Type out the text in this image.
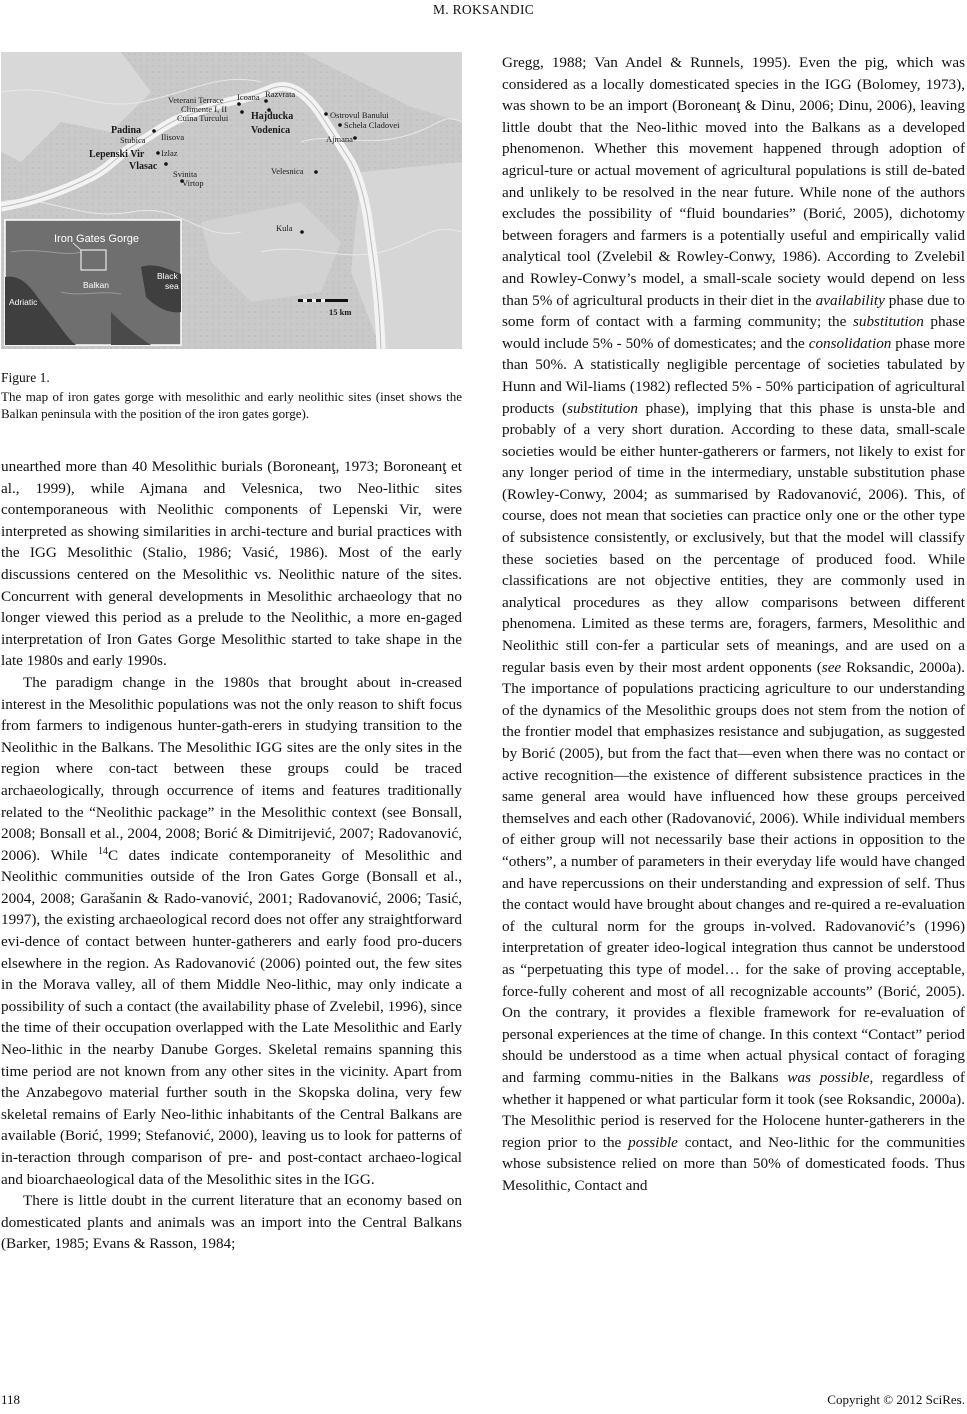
M. ROKSANDIC
Veterani Terrace Icoana Razvrata
Climente I, II
Cuina Turcului Hajducka
Vodenica
Ostrovul Banului
Schela Cladovei
Ajmana
Padina
Stubica Ilisova
Lepenski Vir Izlaz
Vlasac
Svinita
Virtop
Velesnica
Kula
15 km
Iron Gates Gorge
Adriatic
Balkan
Black
sea
Figure 1.
The map of iron gates gorge with mesolithic and early neolithic sites (inset shows the Balkan peninsula with the position of the iron gates gorge).

unearthed more than 40 Mesolithic burials (Boroneanţ, 1973; Boroneanţ et al., 1999), while Ajmana and Velesnica, two Neo-lithic sites contemporaneous with Neolithic components of Lepenski Vir, were interpreted as showing similarities in archi-tecture and burial practices with the IGG Mesolithic (Stalio, 1986; Vasić, 1986). Most of the early discussions centered on the Mesolithic vs. Neolithic nature of the sites. Concurrent with general developments in Mesolithic archaeology that no longer viewed this period as a prelude to the Neolithic, a more en-gaged interpretation of Iron Gates Gorge Mesolithic started to take shape in the late 1980s and early 1990s.

The paradigm change in the 1980s that brought about in-creased interest in the Mesolithic populations was not the only reason to shift focus from farmers to indigenous hunter-gath-erers in studying transition to the Neolithic in the Balkans. The Mesolithic IGG sites are the only sites in the region where con-tact between these groups could be traced archaeologically, through occurrence of items and features traditionally related to the “Neolithic package” in the Mesolithic context (see Bonsall, 2008; Bonsall et al., 2004, 2008; Borić & Dimitrijević, 2007; Radovanović, 2006). While $^{14}$C dates indicate contemporaneity of Mesolithic and Neolithic communities outside of the Iron Gates Gorge (Bonsall et al., 2004, 2008; Garašanin & Rado-vanović, 2001; Radovanović, 2006; Tasić, 1997), the existing archaeological record does not offer any straightforward evi-dence of contact between hunter-gatherers and early food pro-ducers elsewhere in the region. As Radovanović (2006) pointed out, the few sites in the Morava valley, all of them Middle Neo-lithic, may only indicate a possibility of such a contact (the availability phase of Zvelebil, 1996), since the time of their occupation overlapped with the Late Mesolithic and Early Neo-lithic in the nearby Danube Gorges. Skeletal remains spanning this time period are not known from any other sites in the vicinity. Apart from the Anzabegovo material further south in the Skopska dolina, very few skeletal remains of Early Neo-lithic inhabitants of the Central Balkans are available (Borić, 1999; Stefanović, 2000), leaving us to look for patterns of in-teraction through comparison of pre- and post-contact archaeo-logical and bioarchaeological data of the Mesolithic sites in the IGG.

There is little doubt in the current literature that an economy based on domesticated plants and animals was an import into the Central Balkans (Barker, 1985; Evans & Rasson, 1984;

Gregg, 1988; Van Andel & Runnels, 1995). Even the pig, which was considered as a locally domesticated species in the IGG (Bolomey, 1973), was shown to be an import (Boroneanţ & Dinu, 2006; Dinu, 2006), leaving little doubt that the Neo-lithic moved into the Balkans as a developed phenomenon. Whether this movement happened through adoption of agricul-ture or actual movement of agricultural populations is still de-bated and unlikely to be resolved in the near future. While none of the authors excludes the possibility of “fluid boundaries” (Borić, 2005), dichotomy between foragers and farmers is a potentially useful and empirically valid analytical tool (Zvelebil & Rowley-Conwy, 1986). According to Zvelebil and Rowley-Conwy’s model, a small-scale society would depend on less than 5% of agricultural products in their diet in the availability phase due to some form of contact with a farming community; the substitution phase would include 5% - 50% of domesticates; and the consolidation phase more than 50%. A statistically negligible percentage of societies tabulated by Hunn and Wil-liams (1982) reflected 5% - 50% participation of agricultural products (substitution phase), implying that this phase is unsta-ble and probably of a very short duration. According to these data, small-scale societies would be either hunter-gatherers or farmers, not likely to exist for any longer period of time in the intermediary, unstable substitution phase (Rowley-Conwy, 2004; as summarised by Radovanović, 2006). This, of course, does not mean that societies can practice only one or the other type of subsistence consistently, or exclusively, but that the model will classify these societies based on the percentage of produced food. While classifications are not objective entities, they are commonly used in analytical procedures as they allow comparisons between different phenomena. Limited as these terms are, foragers, farmers, Mesolithic and Neolithic still con-fer a particular sets of meanings, and are used on a regular basis even by their most ardent opponents (see Roksandic, 2000a). The importance of populations practicing agriculture to our understanding of the dynamics of the Mesolithic groups does not stem from the notion of the frontier model that emphasizes resistance and subjugation, as suggested by Borić (2005), but from the fact that—even when there was no contact or active recognition—the existence of different subsistence practices in the same general area would have influenced how these groups perceived themselves and each other (Radovanović, 2006). While individual members of either group will not necessarily base their actions in opposition to the “others”, a number of parameters in their everyday life would have changed and have repercussions on their understanding and expression of self. Thus the contact would have brought about changes and re-quired a re-evaluation of the cultural norm for the groups in-volved. Radovanović’s (1996) interpretation of greater ideo-logical integration thus cannot be understood as “perpetuating this type of model… for the sake of proving acceptable, force-fully coherent and most of all recognizable accounts” (Borić, 2005). On the contrary, it provides a flexible framework for re-evaluation of personal experiences at the time of change. In this context “Contact” period should be understood as a time when actual physical contact of foraging and farming commu-nities in the Balkans was possible, regardless of whether it happened or what particular form it took (see Roksandic, 2000a). The Mesolithic period is reserved for the Holocene hunter-gatherers in the region prior to the possible contact, and Neo-lithic for the communities whose subsistence relied on more than 50% of domesticated foods. Thus Mesolithic, Contact and

118	Copyright © 2012 SciRes.
